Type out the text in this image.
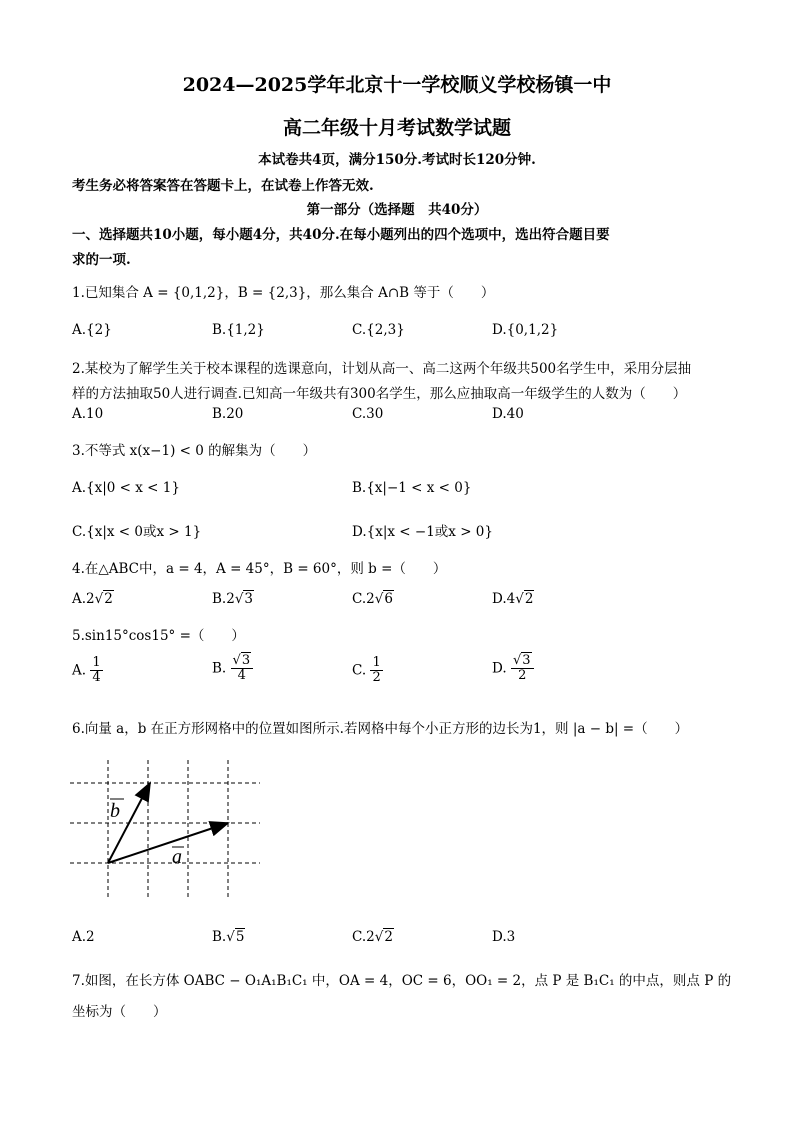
2024—2025学年北京十一学校顺义学校杨镇一中
高二年级十月考试数学试题
本试卷共4页，满分150分.考试时长120分钟.
考生务必将答案答在答题卡上，在试卷上作答无效.
第一部分（选择题　共40分）
一、选择题共10小题，每小题4分，共40分.在每小题列出的四个选项中，选出符合题目要
求的一项.
1.已知集合 A = {0,1,2}，B = {2,3}，那么集合 A∩B 等于（　　）
A.{2}	B.{1,2}	C.{2,3}	D.{0,1,2}
2.某校为了解学生关于校本课程的选课意向，计划从高一、高二这两个年级共500名学生中，采用分层抽
样的方法抽取50人进行调查.已知高一年级共有300名学生，那么应抽取高一年级学生的人数为（　　）
A.10	B.20	C.30	D.40
3.不等式 x(x−1) < 0 的解集为（　　）
A.{x|0 < x < 1}	B.{x|−1 < x < 0}
C.{x|x < 0或x > 1}	D.{x|x < −1或x > 0}
4.在△ABC中，a = 4，A = 45°，B = 60°，则 b =（　　）
A.2√2	B.2√3	C.2√6	D.4√2
5.sin15°cos15° =（　　）
A. $\frac{1}{4}$	B. $\frac{√3}{4}$	C. $\frac{1}{2}$	D. $\frac{√3}{2}$
6.向量 a，b 在正方形网格中的位置如图所示.若网格中每个小正方形的边长为1，则 |a − b| =（　　）
b
a
A.2	B.√5	C.2√2	D.3
7.如图，在长方体 OABC − O₁A₁B₁C₁ 中，OA = 4，OC = 6，OO₁ = 2，点 P 是 B₁C₁ 的中点，则点 P 的
坐标为（　　）
